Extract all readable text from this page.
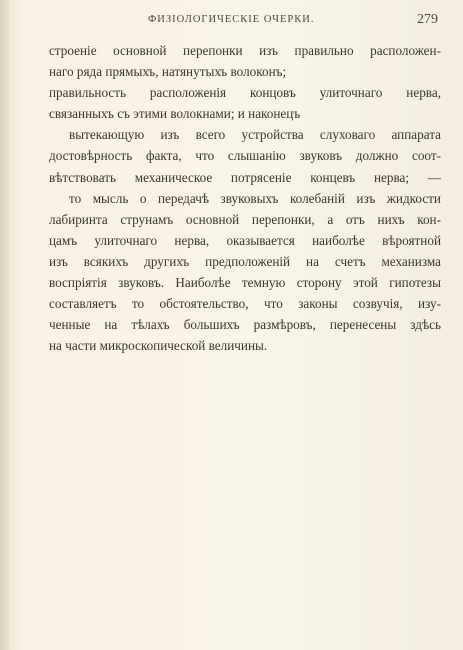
ФИЗІОЛОГИЧЕСКІЕ ОЧЕРКИ.	279
строеніе основной перепонки изъ правильно расположен-
наго ряда прямыхъ, натянутыхъ волоконъ;
правильность расположенія концовъ улиточнаго нерва,
связанныхъ съ этими волокнами; и наконецъ
вытекающую изъ всего устройства слуховаго аппарата
достовѣрность факта, что слышанію звуковъ должно соот-
вѣтствовать механическое потрясеніе концевъ нерва; —
то мысль о передачѣ звуковыхъ колебаній изъ жидкости
лабиринта струнамъ основной перепонки, а отъ нихъ кон-
цамъ улиточнаго нерва, оказывается наиболѣе вѣроятной
изъ всякихъ другихъ предположеній на счетъ механизма
воспріятія звуковъ. Наиболѣе темную сторону этой гипотезы
составляетъ то обстоятельство, что законы созвучія, изу-
ченные на тѣлахъ большихъ размѣровъ, перенесены здѣсь
на части микроскопической величины.
